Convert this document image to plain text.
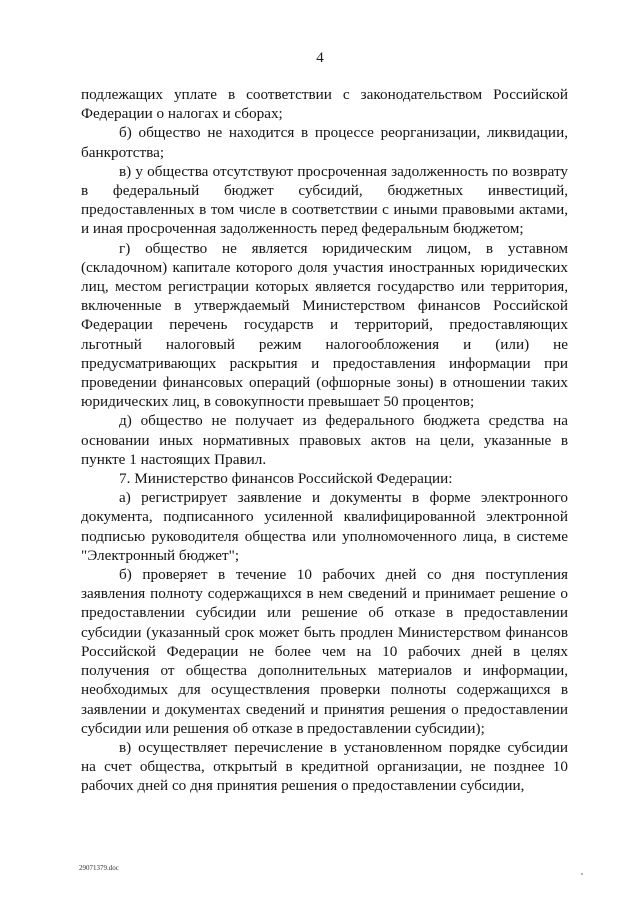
4

подлежащих уплате в соответствии с законодательством Российской Федерации о налогах и сборах;

б) общество не находится в процессе реорганизации, ликвидации, банкротства;

в) у общества отсутствуют просроченная задолженность по возврату в федеральный бюджет субсидий, бюджетных инвестиций, предоставленных в том числе в соответствии с иными правовыми актами, и иная просроченная задолженность перед федеральным бюджетом;

г) общество не является юридическим лицом, в уставном (складочном) капитале которого доля участия иностранных юридических лиц, местом регистрации которых является государство или территория, включенные в утверждаемый Министерством финансов Российской Федерации перечень государств и территорий, предоставляющих льготный налоговый режим налогообложения и (или) не предусматривающих раскрытия и предоставления информации при проведении финансовых операций (офшорные зоны) в отношении таких юридических лиц, в совокупности превышает 50 процентов;

д) общество не получает из федерального бюджета средства на основании иных нормативных правовых актов на цели, указанные в пункте 1 настоящих Правил.

7. Министерство финансов Российской Федерации:

а) регистрирует заявление и документы в форме электронного документа, подписанного усиленной квалифицированной электронной подписью руководителя общества или уполномоченного лица, в системе "Электронный бюджет";

б) проверяет в течение 10 рабочих дней со дня поступления заявления полноту содержащихся в нем сведений и принимает решение о предоставлении субсидии или решение об отказе в предоставлении субсидии (указанный срок может быть продлен Министерством финансов Российской Федерации не более чем на 10 рабочих дней в целях получения от общества дополнительных материалов и информации, необходимых для осуществления проверки полноты содержащихся в заявлении и документах сведений и принятия решения о предоставлении субсидии или решения об отказе в предоставлении субсидии);

в) осуществляет перечисление в установленном порядке субсидии на счет общества, открытый в кредитной организации, не позднее 10 рабочих дней со дня принятия решения о предоставлении субсидии,

29071379.doc
